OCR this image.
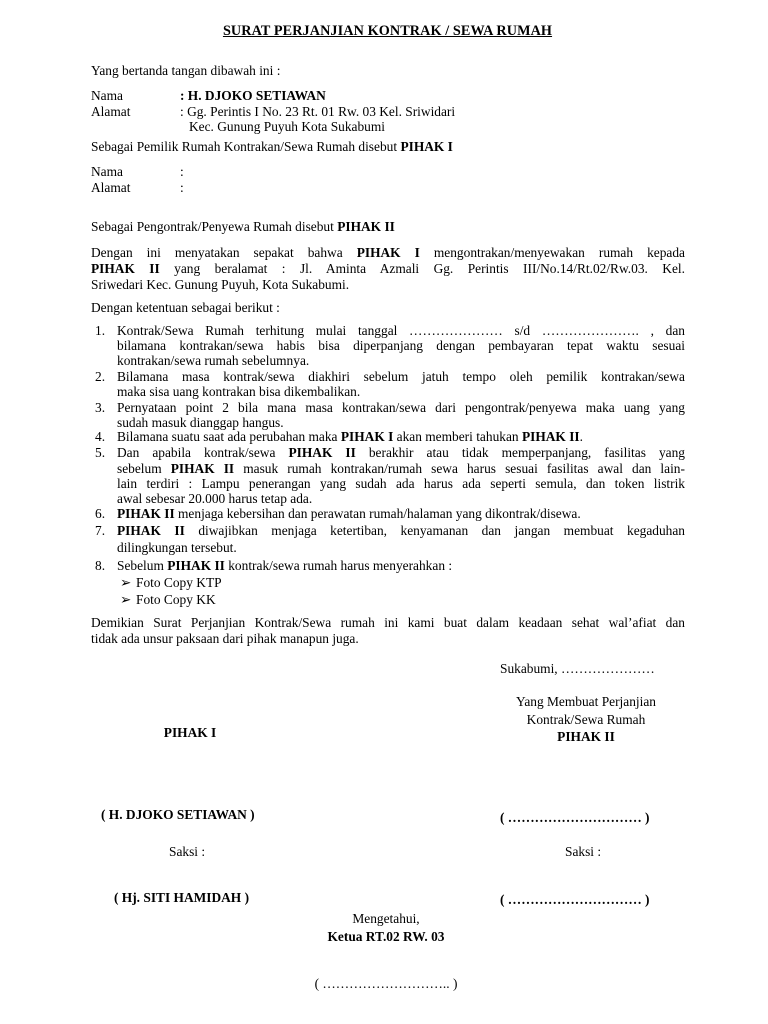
SURAT PERJANJIAN KONTRAK / SEWA RUMAH
Yang bertanda tangan dibawah ini :
Nama	: H. DJOKO SETIAWAN
Alamat	: Gg. Perintis I No. 23 Rt. 01 Rw. 03 Kel. Sriwidari
Kec. Gunung Puyuh Kota Sukabumi
Sebagai Pemilik Rumah Kontrakan/Sewa Rumah disebut PIHAK I
Nama	:
Alamat	:
Sebagai Pengontrak/Penyewa Rumah disebut PIHAK II
Dengan ini menyatakan sepakat bahwa PIHAK I mengontrakan/menyewakan rumah kepada
PIHAK II yang beralamat : Jl. Aminta Azmali Gg. Perintis III/No.14/Rt.02/Rw.03. Kel.
Sriwedari Kec. Gunung Puyuh, Kota Sukabumi.
Dengan ketentuan sebagai berikut :
1. Kontrak/Sewa Rumah terhitung mulai tanggal ………………… s/d …………………. , dan
bilamana kontrakan/sewa habis bisa diperpanjang dengan pembayaran tepat waktu sesuai
kontrakan/sewa rumah sebelumnya.
2. Bilamana masa kontrak/sewa diakhiri sebelum jatuh tempo oleh pemilik kontrakan/sewa
maka sisa uang kontrakan bisa dikembalikan.
3. Pernyataan point 2 bila mana masa kontrakan/sewa dari pengontrak/penyewa maka uang yang
sudah masuk dianggap hangus.
4. Bilamana suatu saat ada perubahan maka PIHAK I akan memberi tahukan PIHAK II.
5. Dan apabila kontrak/sewa PIHAK II berakhir atau tidak memperpanjang, fasilitas yang
sebelum PIHAK II masuk rumah kontrakan/rumah sewa harus sesuai fasilitas awal dan lain-
lain terdiri : Lampu penerangan yang sudah ada harus ada seperti semula, dan token listrik
awal sebesar 20.000 harus tetap ada.
6. PIHAK II menjaga kebersihan dan perawatan rumah/halaman yang dikontrak/disewa.
7. PIHAK II diwajibkan menjaga ketertiban, kenyamanan dan jangan membuat kegaduhan
dilingkungan tersebut.
8. Sebelum PIHAK II kontrak/sewa rumah harus menyerahkan :
➢ Foto Copy KTP
➢ Foto Copy KK
Demikian Surat Perjanjian Kontrak/Sewa rumah ini kami buat dalam keadaan sehat wal’afiat dan
tidak ada unsur paksaan dari pihak manapun juga.
Sukabumi, …………………
Yang Membuat Perjanjian
Kontrak/Sewa Rumah
PIHAK II
PIHAK I
( H. DJOKO SETIAWAN )	( ………………………… )
Saksi :	Saksi :
( Hj. SITI HAMIDAH )	( ………………………… )
Mengetahui,
Ketua RT.02 RW. 03
( ……………………….. )
